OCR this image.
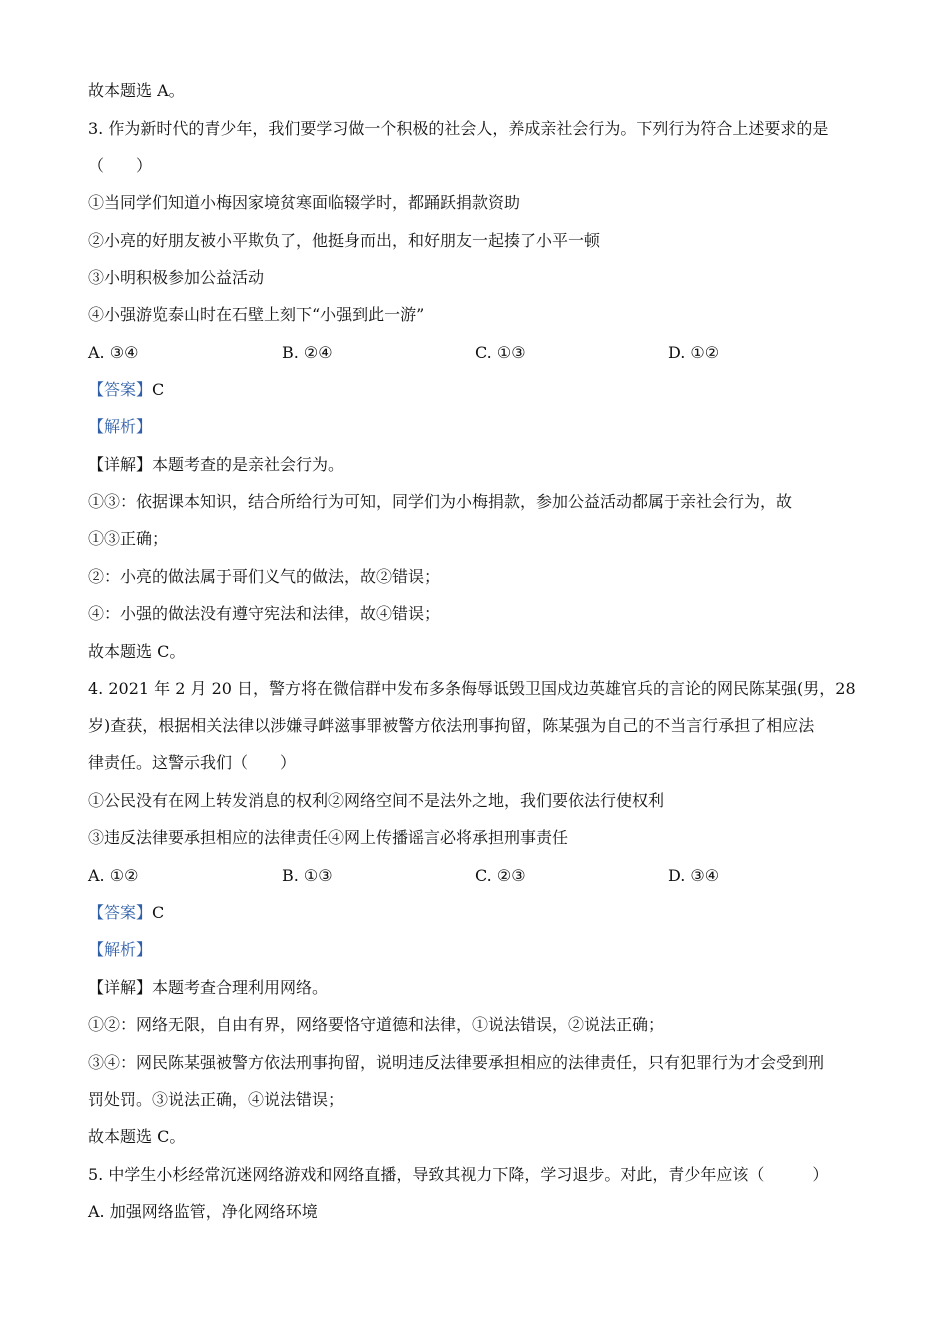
故本题选 A。
3. 作为新时代的青少年，我们要学习做一个积极的社会人，养成亲社会行为。下列行为符合上述要求的是
（　　）
①当同学们知道小梅因家境贫寒面临辍学时，都踊跃捐款资助
②小亮的好朋友被小平欺负了，他挺身而出，和好朋友一起揍了小平一顿
③小明积极参加公益活动
④小强游览泰山时在石壁上刻下“小强到此一游”
A. ③④	B. ②④	C. ①③	D. ①②
【答案】C
【解析】
【详解】本题考查的是亲社会行为。
①③：依据课本知识，结合所给行为可知，同学们为小梅捐款，参加公益活动都属于亲社会行为，故
①③正确；
②：小亮的做法属于哥们义气的做法，故②错误；
④：小强的做法没有遵守宪法和法律，故④错误；
故本题选 C。
4. 2021 年 2 月 20 日，警方将在微信群中发布多条侮辱诋毁卫国戍边英雄官兵的言论的网民陈某强(男，28
岁)查获，根据相关法律以涉嫌寻衅滋事罪被警方依法刑事拘留，陈某强为自己的不当言行承担了相应法
律责任。这警示我们（　　）
①公民没有在网上转发消息的权利②网络空间不是法外之地，我们要依法行使权利
③违反法律要承担相应的法律责任④网上传播谣言必将承担刑事责任
A. ①②	B. ①③	C. ②③	D. ③④
【答案】C
【解析】
【详解】本题考查合理利用网络。
①②：网络无限，自由有界，网络要恪守道德和法律，①说法错误，②说法正确；
③④：网民陈某强被警方依法刑事拘留，说明违反法律要承担相应的法律责任，只有犯罪行为才会受到刑
罚处罚。③说法正确，④说法错误；
故本题选 C。
5. 中学生小杉经常沉迷网络游戏和网络直播，导致其视力下降，学习退步。对此，青少年应该（　　　）
A. 加强网络监管，净化网络环境
